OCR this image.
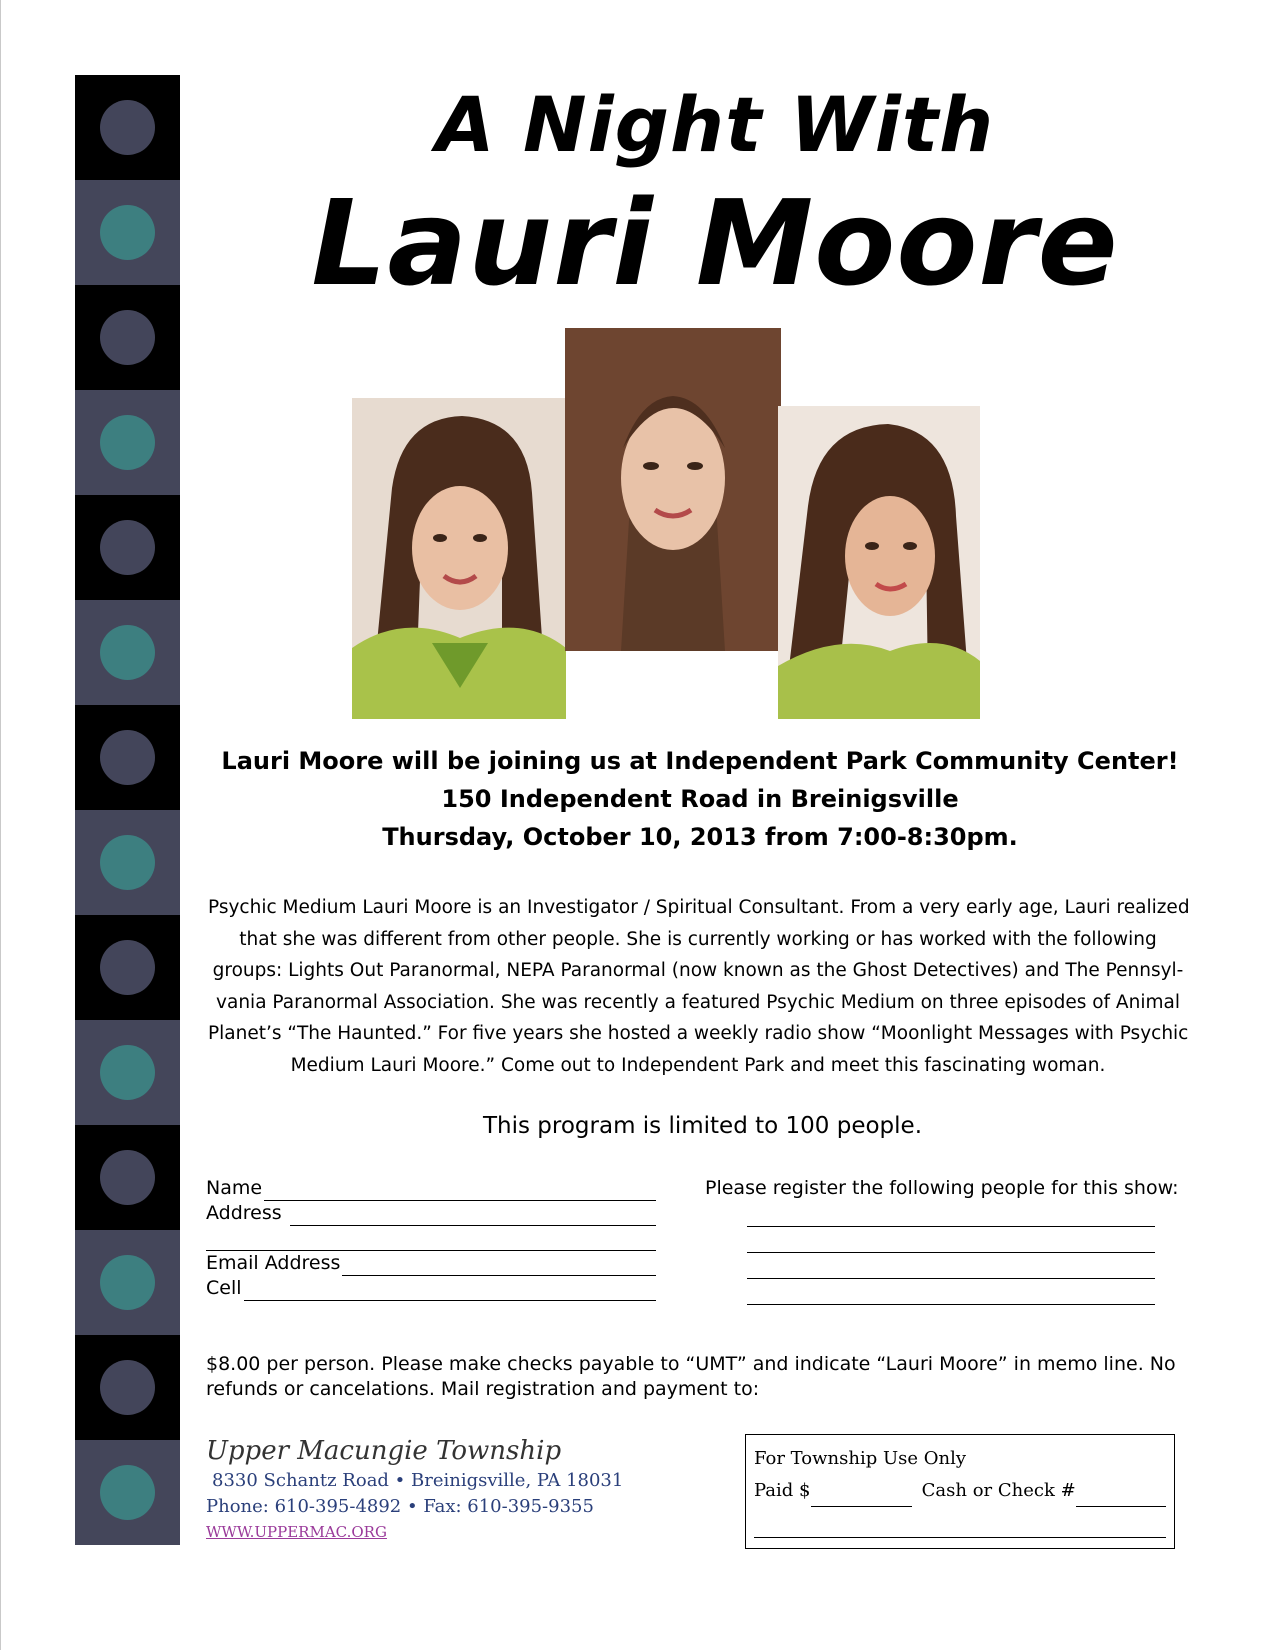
A Night With
Lauri Moore
Lauri Moore will be joining us at Independent Park Community Center!
150 Independent Road in Breinigsville
Thursday, October 10, 2013 from 7:00-8:30pm.
Psychic Medium Lauri Moore is an Investigator / Spiritual Consultant. From a very early age, Lauri realized
that she was different from other people. She is currently working or has worked with the following
groups: Lights Out Paranormal, NEPA Paranormal (now known as the Ghost Detectives) and The Pennsyl-
vania Paranormal Association. She was recently a featured Psychic Medium on three episodes of Animal
Planet’s “The Haunted.” For five years she hosted a weekly radio show “Moonlight Messages with Psychic
Medium Lauri Moore.” Come out to Independent Park and meet this fascinating woman.
This program is limited to 100 people.
Name
Address
Email Address
Cell
Please register the following people for this show:
$8.00 per person. Please make checks payable to “UMT” and indicate “Lauri Moore” in memo line. No
refunds or cancelations. Mail registration and payment to:
Upper Macungie Township
8330 Schantz Road • Breinigsville, PA 18031
Phone: 610-395-4892 • Fax: 610-395-9355
WWW.UPPERMAC.ORG
For Township Use Only
Paid $	Cash or Check #
